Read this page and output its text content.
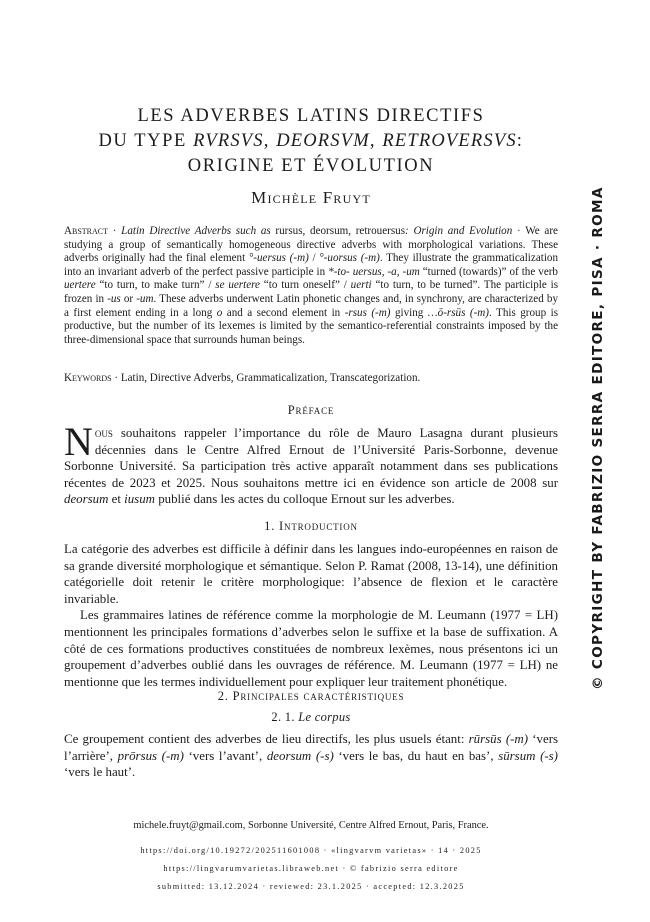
LES ADVERBES LATINS DIRECTIFS
DU TYPE RVRSVS, DEORSVM, RETROVERSVS:
ORIGINE ET ÉVOLUTION
Michèle Fruyt

Abstract · Latin Directive Adverbs such as rursus, deorsum, retrouersus: Origin and Evolution · We are studying a group of semantically homogeneous directive adverbs with morphological variations. These adverbs originally had the final element °-uersus (-m) / °-uorsus (-m). They illustrate the grammaticalization into an invariant adverb of the perfect passive participle in *-to- uersus, -a, -um “turned (towards)” of the verb uertere “to turn, to make turn” / se uertere “to turn oneself” / uerti “to turn, to be turned”. The participle is frozen in -us or -um. These adverbs underwent Latin phonetic changes and, in synchrony, are characterized by a first element ending in a long o and a second element in -rsus (-m) giving …ō-rsūs (-m). This group is productive, but the number of its lexemes is limited by the semantico-referential constraints imposed by the three-dimensional space that surrounds human beings.

Keywords · Latin, Directive Adverbs, Grammaticalization, Transcategorization.

Préface

Nous souhaitons rappeler l’importance du rôle de Mauro Lasagna durant plusieurs décennies dans le Centre Alfred Ernout de l’Université Paris-Sorbonne, devenue Sorbonne Université. Sa participation très active apparaît notamment dans ses publications récentes de 2023 et 2025. Nous souhaitons mettre ici en évidence son article de 2008 sur deorsum et iusum publié dans les actes du colloque Ernout sur les adverbes.

1. Introduction

La catégorie des adverbes est difficile à définir dans les langues indo-européennes en raison de sa grande diversité morphologique et sémantique. Selon P. Ramat (2008, 13-14), une définition catégorielle doit retenir le critère morphologique: l’absence de flexion et le caractère invariable.
Les grammaires latines de référence comme la morphologie de M. Leumann (1977 = LH) mentionnent les principales formations d’adverbes selon le suffixe et la base de suffixation. A côté de ces formations productives constituées de nombreux lexèmes, nous présentons ici un groupement d’adverbes oublié dans les ouvrages de référence. M. Leumann (1977 = LH) ne mentionne que les termes individuellement pour expliquer leur traitement phonétique.

2. Principales caractéristiques
2. 1. Le corpus

Ce groupement contient des adverbes de lieu directifs, les plus usuels étant: rūrsūs (-m) ‘vers l’arrière’, prōrsus (-m) ‘vers l’avant’, deorsum (-s) ‘vers le bas, du haut en bas’, sūrsum (-s) ‘vers le haut’.

michele.fruyt@gmail.com, Sorbonne Université, Centre Alfred Ernout, Paris, France.

https://doi.org/10.19272/202511601008 · «lingvarvm varietas» · 14 · 2025

https://lingvarumvarietas.libraweb.net · © fabrizio serra editore

submitted: 13.12.2024 · reviewed: 23.1.2025 · accepted: 12.3.2025

© COPYRIGHT BY FABRIZIO SERRA EDITORE, PISA · ROMA
